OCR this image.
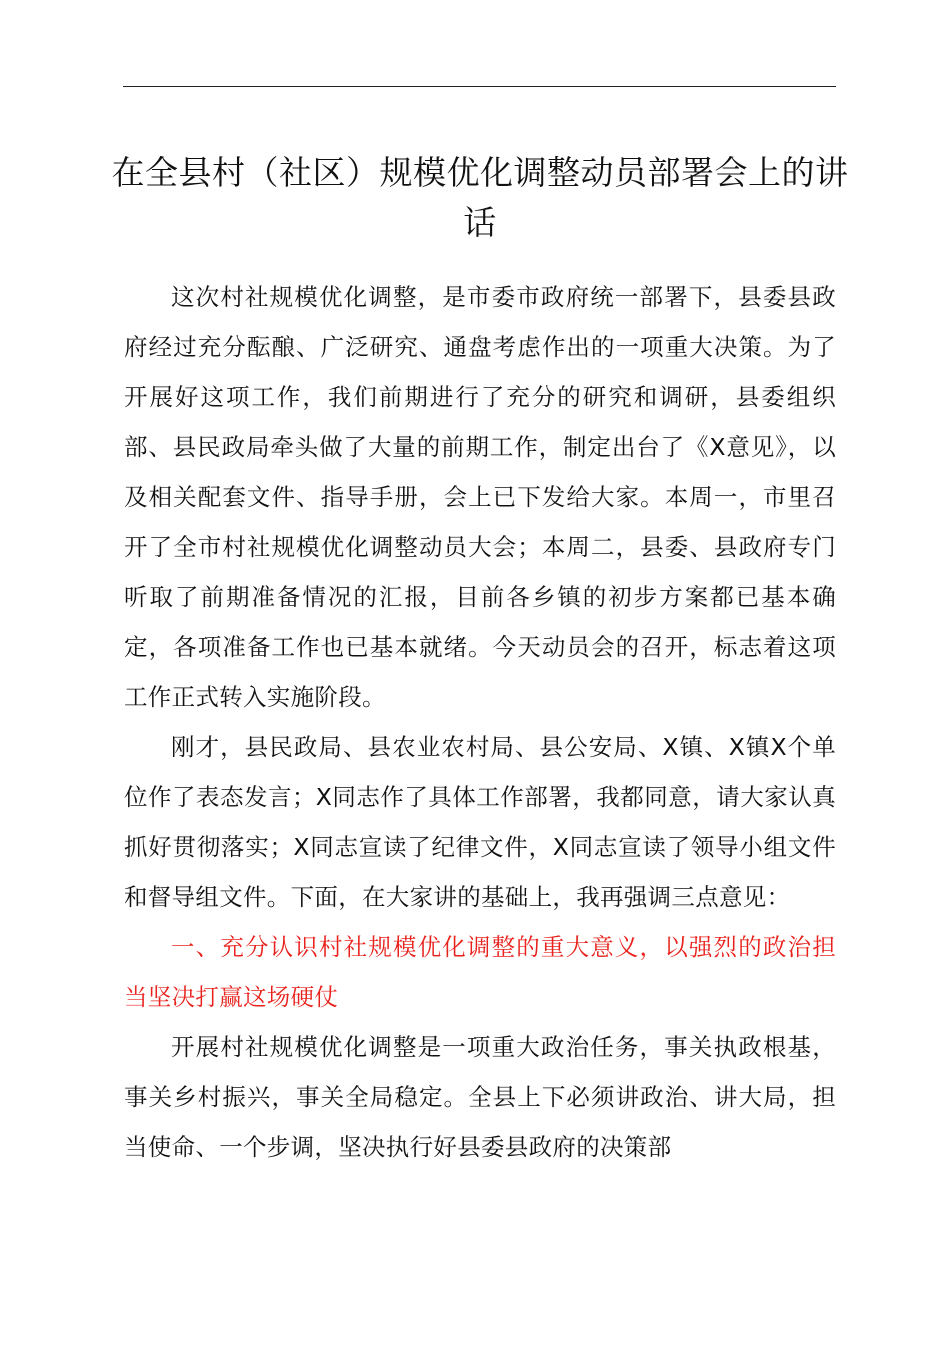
在全县村（社区）规模优化调整动员部署会上的讲话

这次村社规模优化调整，是市委市政府统一部署下，县委县政府经过充分酝酿、广泛研究、通盘考虑作出的一项重大决策。为了开展好这项工作，我们前期进行了充分的研究和调研，县委组织部、县民政局牵头做了大量的前期工作，制定出台了《X意见》，以及相关配套文件、指导手册，会上已下发给大家。本周一，市里召开了全市村社规模优化调整动员大会；本周二，县委、县政府专门听取了前期准备情况的汇报，目前各乡镇的初步方案都已基本确定，各项准备工作也已基本就绪。今天动员会的召开，标志着这项工作正式转入实施阶段。

刚才，县民政局、县农业农村局、县公安局、X镇、X镇X个单位作了表态发言；X同志作了具体工作部署，我都同意，请大家认真抓好贯彻落实；X同志宣读了纪律文件，X同志宣读了领导小组文件和督导组文件。下面，在大家讲的基础上，我再强调三点意见：

一、充分认识村社规模优化调整的重大意义，以强烈的政治担当坚决打赢这场硬仗

开展村社规模优化调整是一项重大政治任务，事关执政根基，事关乡村振兴，事关全局稳定。全县上下必须讲政治、讲大局，担当使命、一个步调，坚决执行好县委县政府的决策部
